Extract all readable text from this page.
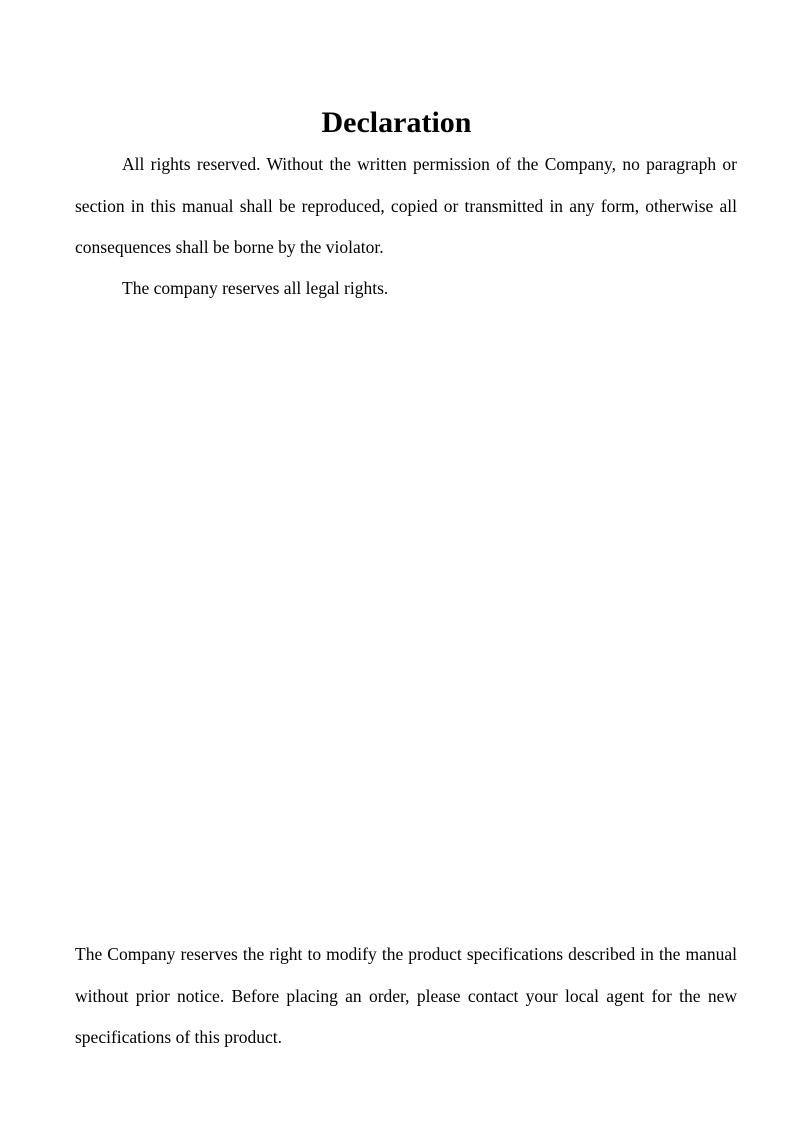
Declaration

All rights reserved. Without the written permission of the Company, no paragraph or section in this manual shall be reproduced, copied or transmitted in any form, otherwise all consequences shall be borne by the violator.

The company reserves all legal rights.

The Company reserves the right to modify the product specifications described in the manual without prior notice. Before placing an order, please contact your local agent for the new specifications of this product.
